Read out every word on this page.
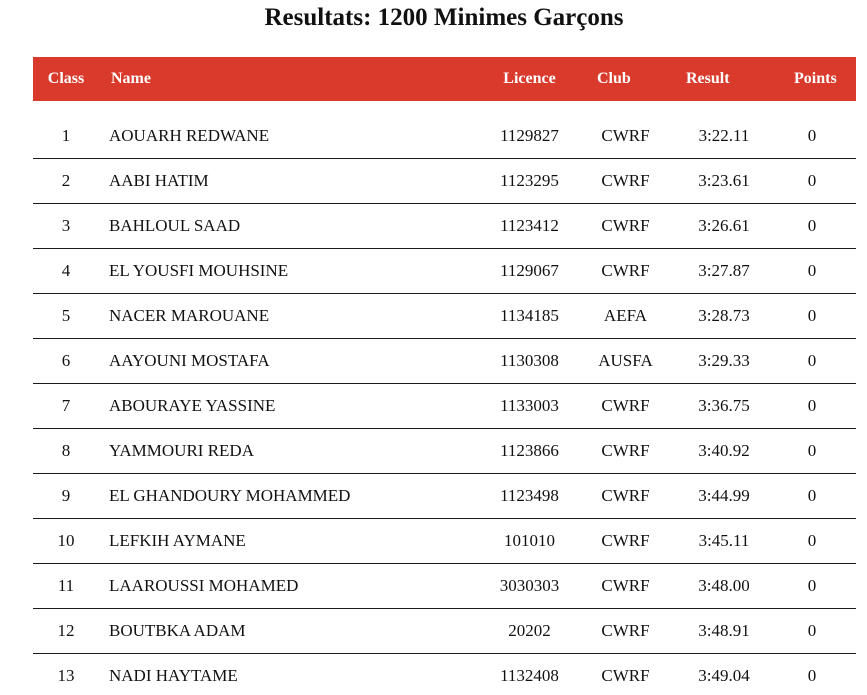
Resultats: 1200 Minimes Garçons
Class	Name	Licence	Club	Result	Points
1	AOUARH REDWANE	1129827	CWRF	3:22.11	0
2	AABI HATIM	1123295	CWRF	3:23.61	0
3	BAHLOUL SAAD	1123412	CWRF	3:26.61	0
4	EL YOUSFI MOUHSINE	1129067	CWRF	3:27.87	0
5	NACER MAROUANE	1134185	AEFA	3:28.73	0
6	AAYOUNI MOSTAFA	1130308	AUSFA	3:29.33	0
7	ABOURAYE YASSINE	1133003	CWRF	3:36.75	0
8	YAMMOURI REDA	1123866	CWRF	3:40.92	0
9	EL GHANDOURY MOHAMMED	1123498	CWRF	3:44.99	0
10	LEFKIH AYMANE	101010	CWRF	3:45.11	0
11	LAAROUSSI MOHAMED	3030303	CWRF	3:48.00	0
12	BOUTBKA ADAM	20202	CWRF	3:48.91	0
13	NADI HAYTAME	1132408	CWRF	3:49.04	0
